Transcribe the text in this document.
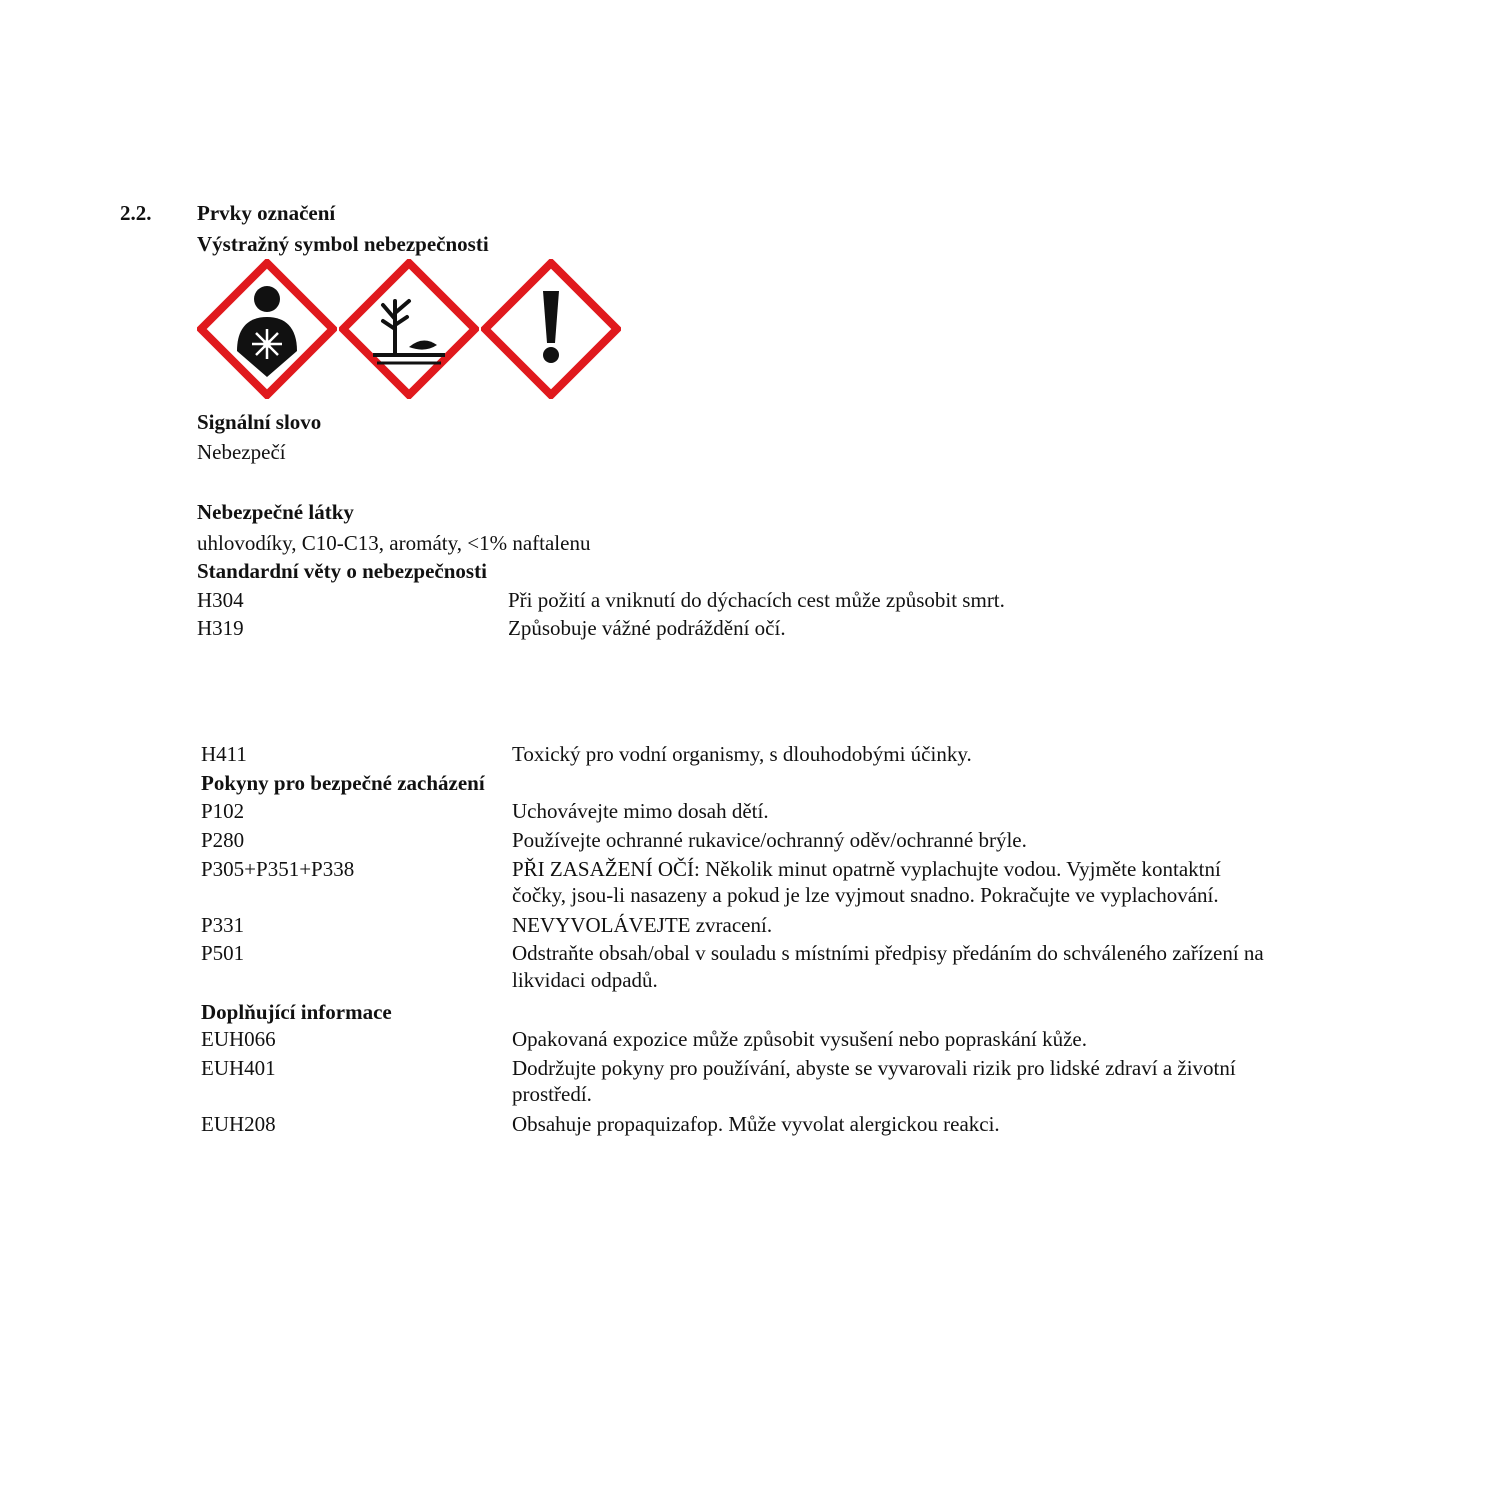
2.2. Prvky označení
Výstražný symbol nebezpečnosti
Signální slovo
Nebezpečí
Nebezpečné látky
uhlovodíky, C10-C13, aromáty, <1% naftalenu
Standardní věty o nebezpečnosti
H304	Při požití a vniknutí do dýchacích cest může způsobit smrt.
H319	Způsobuje vážné podráždění očí.
H411	Toxický pro vodní organismy, s dlouhodobými účinky.
Pokyny pro bezpečné zacházení
P102	Uchovávejte mimo dosah dětí.
P280	Používejte ochranné rukavice/ochranný oděv/ochranné brýle.
P305+P351+P338	PŘI ZASAŽENÍ OČÍ: Několik minut opatrně vyplachujte vodou. Vyjměte kontaktní
čočky, jsou-li nasazeny a pokud je lze vyjmout snadno. Pokračujte ve vyplachování.
P331	NEVYVOLÁVEJTE zvracení.
P501	Odstraňte obsah/obal v souladu s místními předpisy předáním do schváleného zařízení na
likvidaci odpadů.
Doplňující informace
EUH066	Opakovaná expozice může způsobit vysušení nebo popraskání kůže.
EUH401	Dodržujte pokyny pro používání, abyste se vyvarovali rizik pro lidské zdraví a životní
prostředí.
EUH208	Obsahuje propaquizafop. Může vyvolat alergickou reakci.
